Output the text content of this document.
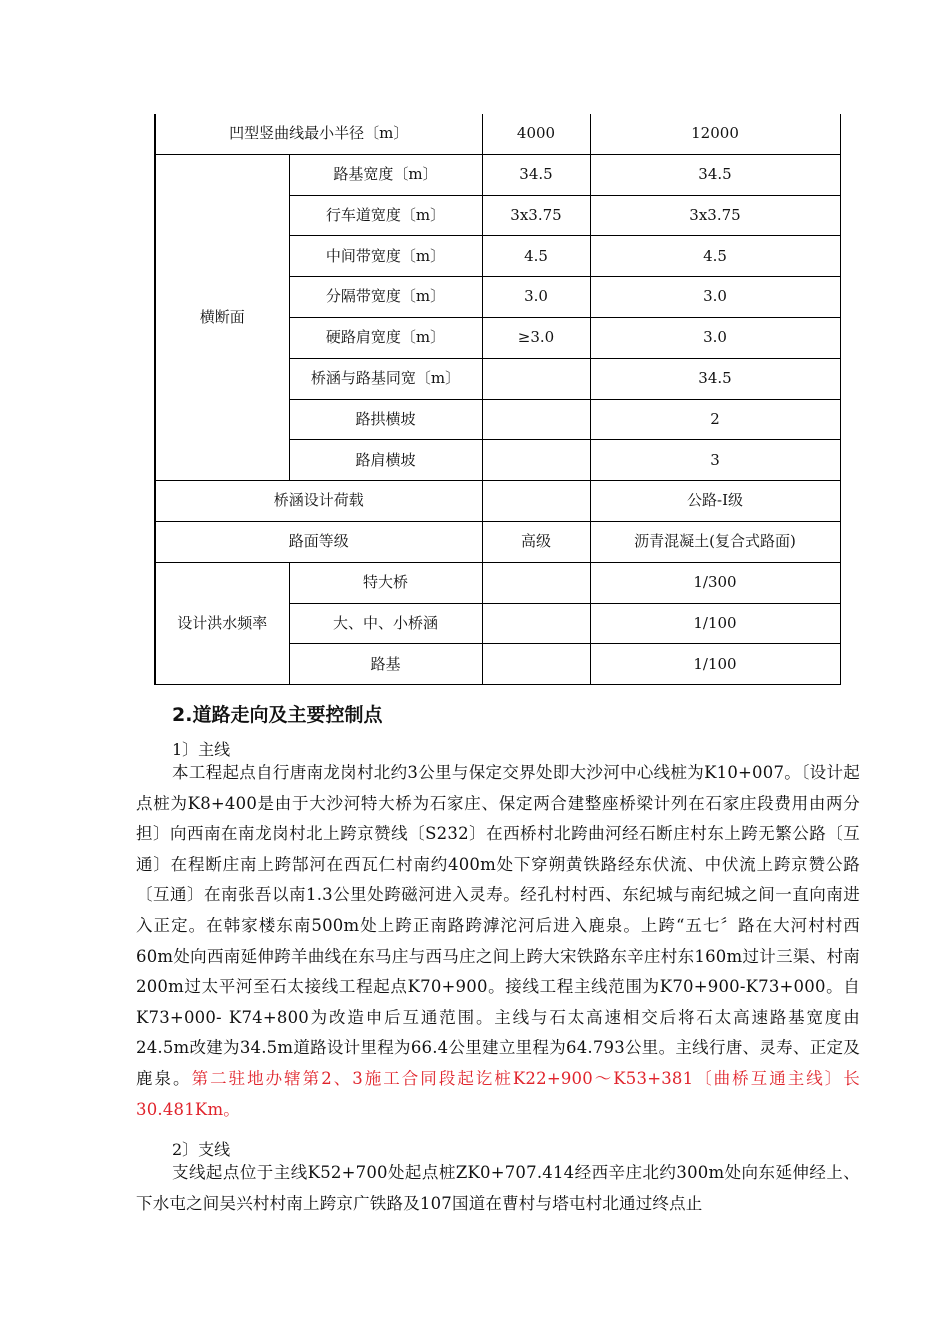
凹型竖曲线最小半径〔m〕		4000	12000
横断面	路基宽度〔m〕	34.5	34.5
	行车道宽度〔m〕	3x3.75	3x3.75
	中间带宽度〔m〕	4.5	4.5
	分隔带宽度〔m〕	3.0	3.0
	硬路肩宽度〔m〕	≥3.0	3.0
	桥涵与路基同宽〔m〕		34.5
	路拱横坡		2
	路肩横坡		3
桥涵设计荷载			公路-I级
路面等级		高级	沥青混凝土(复合式路面)
设计洪水频率	特大桥		1/300
	大、中、小桥涵		1/100
	路基		1/100
2.道路走向及主要控制点
1〕主线
本工程起点自行唐南龙岗村北约3公里与保定交界处即大沙河中心线桩为K10+007。〔设计起点桩为K8+400是由于大沙河特大桥为石家庄、保定两合建整座桥梁计列在石家庄段费用由两分担〕向西南在南龙岗村北上跨京赞线〔S232〕在西桥村北跨曲河经石断庄村东上跨无繁公路〔互通〕在程断庄南上跨郜河在西瓦仁村南约400m处下穿朔黄铁路经东伏流、中伏流上跨京赞公路〔互通〕在南张吾以南1.3公里处跨磁河进入灵寿。经孔村村西、东纪城与南纪城之间一直向南进入正定。在韩家楼东南500m处上跨正南路跨滹沱河后进入鹿泉。上跨“五七〞路在大河村村西60m处向西南延伸跨羊曲线在东马庄与西马庄之间上跨大宋铁路东辛庄村东160m过计三渠、村南200m过太平河至石太接线工程起点K70+900。接线工程主线范围为K70+900-K73+000。自K73+000- K74+800为改造申后互通范围。主线与石太高速相交后将石太高速路基宽度由24.5m改建为34.5m道路设计里程为66.4公里建立里程为64.793公里。主线行唐、灵寿、正定及鹿泉。第二驻地办辖第2、3施工合同段起讫桩K22+900～K53+381〔曲桥互通主线〕长30.481Km。
2〕支线
支线起点位于主线K52+700处起点桩ZK0+707.414经西辛庄北约300m处向东延伸经上、下水屯之间吴兴村村南上跨京广铁路及107国道在曹村与塔屯村北通过终点止
